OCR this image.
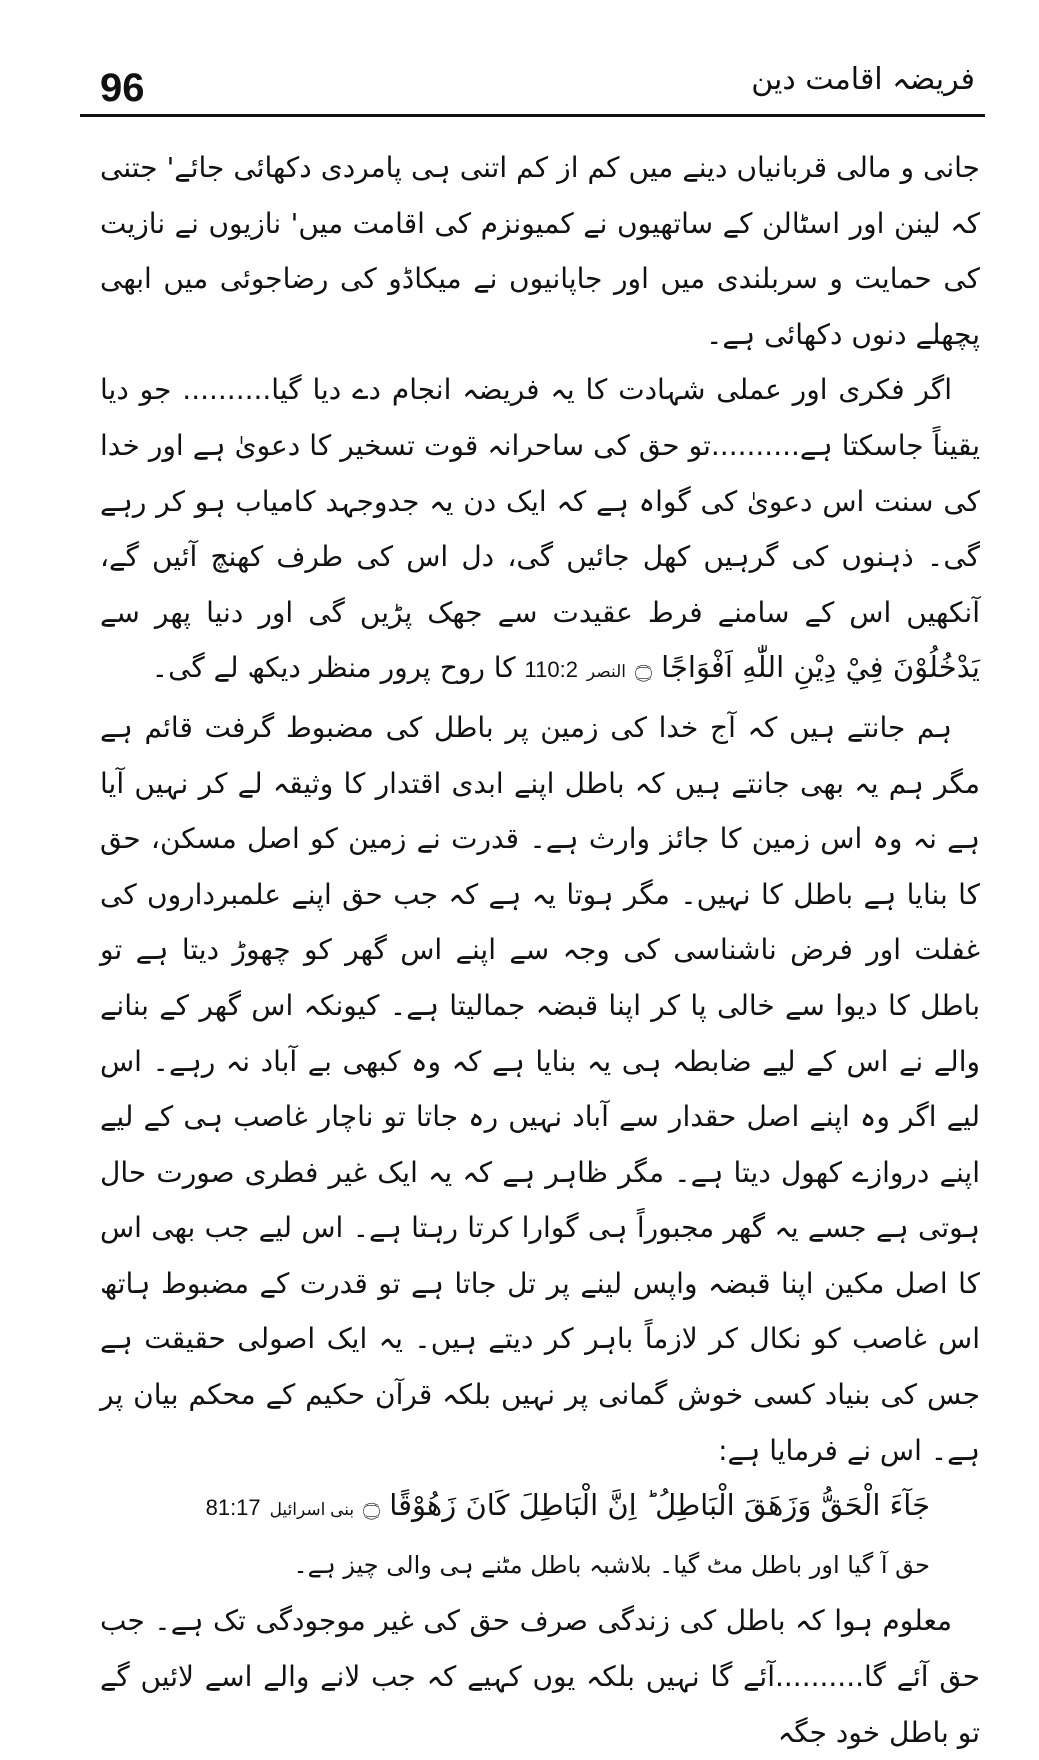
96	فریضہ اقامت دین

جانی و مالی قربانیاں دینے میں کم از کم اتنی ہی پامردی دکھائی جائے' جتنی کہ لینن اور اسٹالن کے ساتھیوں نے کمیونزم کی اقامت میں' نازیوں نے نازیت کی حمایت و سربلندی میں اور جاپانیوں نے میکاڈو کی رضاجوئی میں ابھی پچھلے دنوں دکھائی ہے۔

اگر فکری اور عملی شہادت کا یہ فریضہ انجام دے دیا گیا.......... جو دیا یقیناً جاسکتا ہے..........تو حق کی ساحرانہ قوت تسخیر کا دعویٰ ہے اور خدا کی سنت اس دعویٰ کی گواہ ہے کہ ایک دن یہ جدوجہد کامیاب ہو کر رہے گی۔ ذہنوں کی گرہیں کھل جائیں گی، دل اس کی طرف کھنچ آئیں گے، آنکھیں اس کے سامنے فرط عقیدت سے جھک پڑیں گی اور دنیا پھر سے يَدْخُلُوْنَ فِيْ دِيْنِ اللّٰهِ اَفْوَاجًا ۝ النصر 110:2 کا روح پرور منظر دیکھ لے گی۔

ہم جانتے ہیں کہ آج خدا کی زمین پر باطل کی مضبوط گرفت قائم ہے مگر ہم یہ بھی جانتے ہیں کہ باطل اپنے ابدی اقتدار کا وثیقہ لے کر نہیں آیا ہے نہ وہ اس زمین کا جائز وارث ہے۔ قدرت نے زمین کو اصل مسکن، حق کا بنایا ہے باطل کا نہیں۔ مگر ہوتا یہ ہے کہ جب حق اپنے علمبرداروں کی غفلت اور فرض ناشناسی کی وجہ سے اپنے اس گھر کو چھوڑ دیتا ہے تو باطل کا دیوا سے خالی پا کر اپنا قبضہ جمالیتا ہے۔ کیونکہ اس گھر کے بنانے والے نے اس کے لیے ضابطہ ہی یہ بنایا ہے کہ وہ کبھی بے آباد نہ رہے۔ اس لیے اگر وہ اپنے اصل حقدار سے آباد نہیں رہ جاتا تو ناچار غاصب ہی کے لیے اپنے دروازے کھول دیتا ہے۔ مگر ظاہر ہے کہ یہ ایک غیر فطری صورت حال ہوتی ہے جسے یہ گھر مجبوراً ہی گوارا کرتا رہتا ہے۔ اس لیے جب بھی اس کا اصل مکین اپنا قبضہ واپس لینے پر تل جاتا ہے تو قدرت کے مضبوط ہاتھ اس غاصب کو نکال کر لازماً باہر کر دیتے ہیں۔ یہ ایک اصولی حقیقت ہے جس کی بنیاد کسی خوش گمانی پر نہیں بلکہ قرآن حکیم کے محکم بیان پر ہے۔ اس نے فرمایا ہے:

جَآءَ الْحَقُّ وَزَهَقَ الْبَاطِلُ ؕ اِنَّ الْبَاطِلَ كَانَ زَهُوْقًا ۝ بنی اسرائیل 81:17

حق آ گیا اور باطل مٹ گیا۔ بلاشبہ باطل مٹنے ہی والی چیز ہے۔

معلوم ہوا کہ باطل کی زندگی صرف حق کی غیر موجودگی تک ہے۔ جب حق آئے گا..........آئے گا نہیں بلکہ یوں کہیے کہ جب لانے والے اسے لائیں گے تو باطل خود جگہ
